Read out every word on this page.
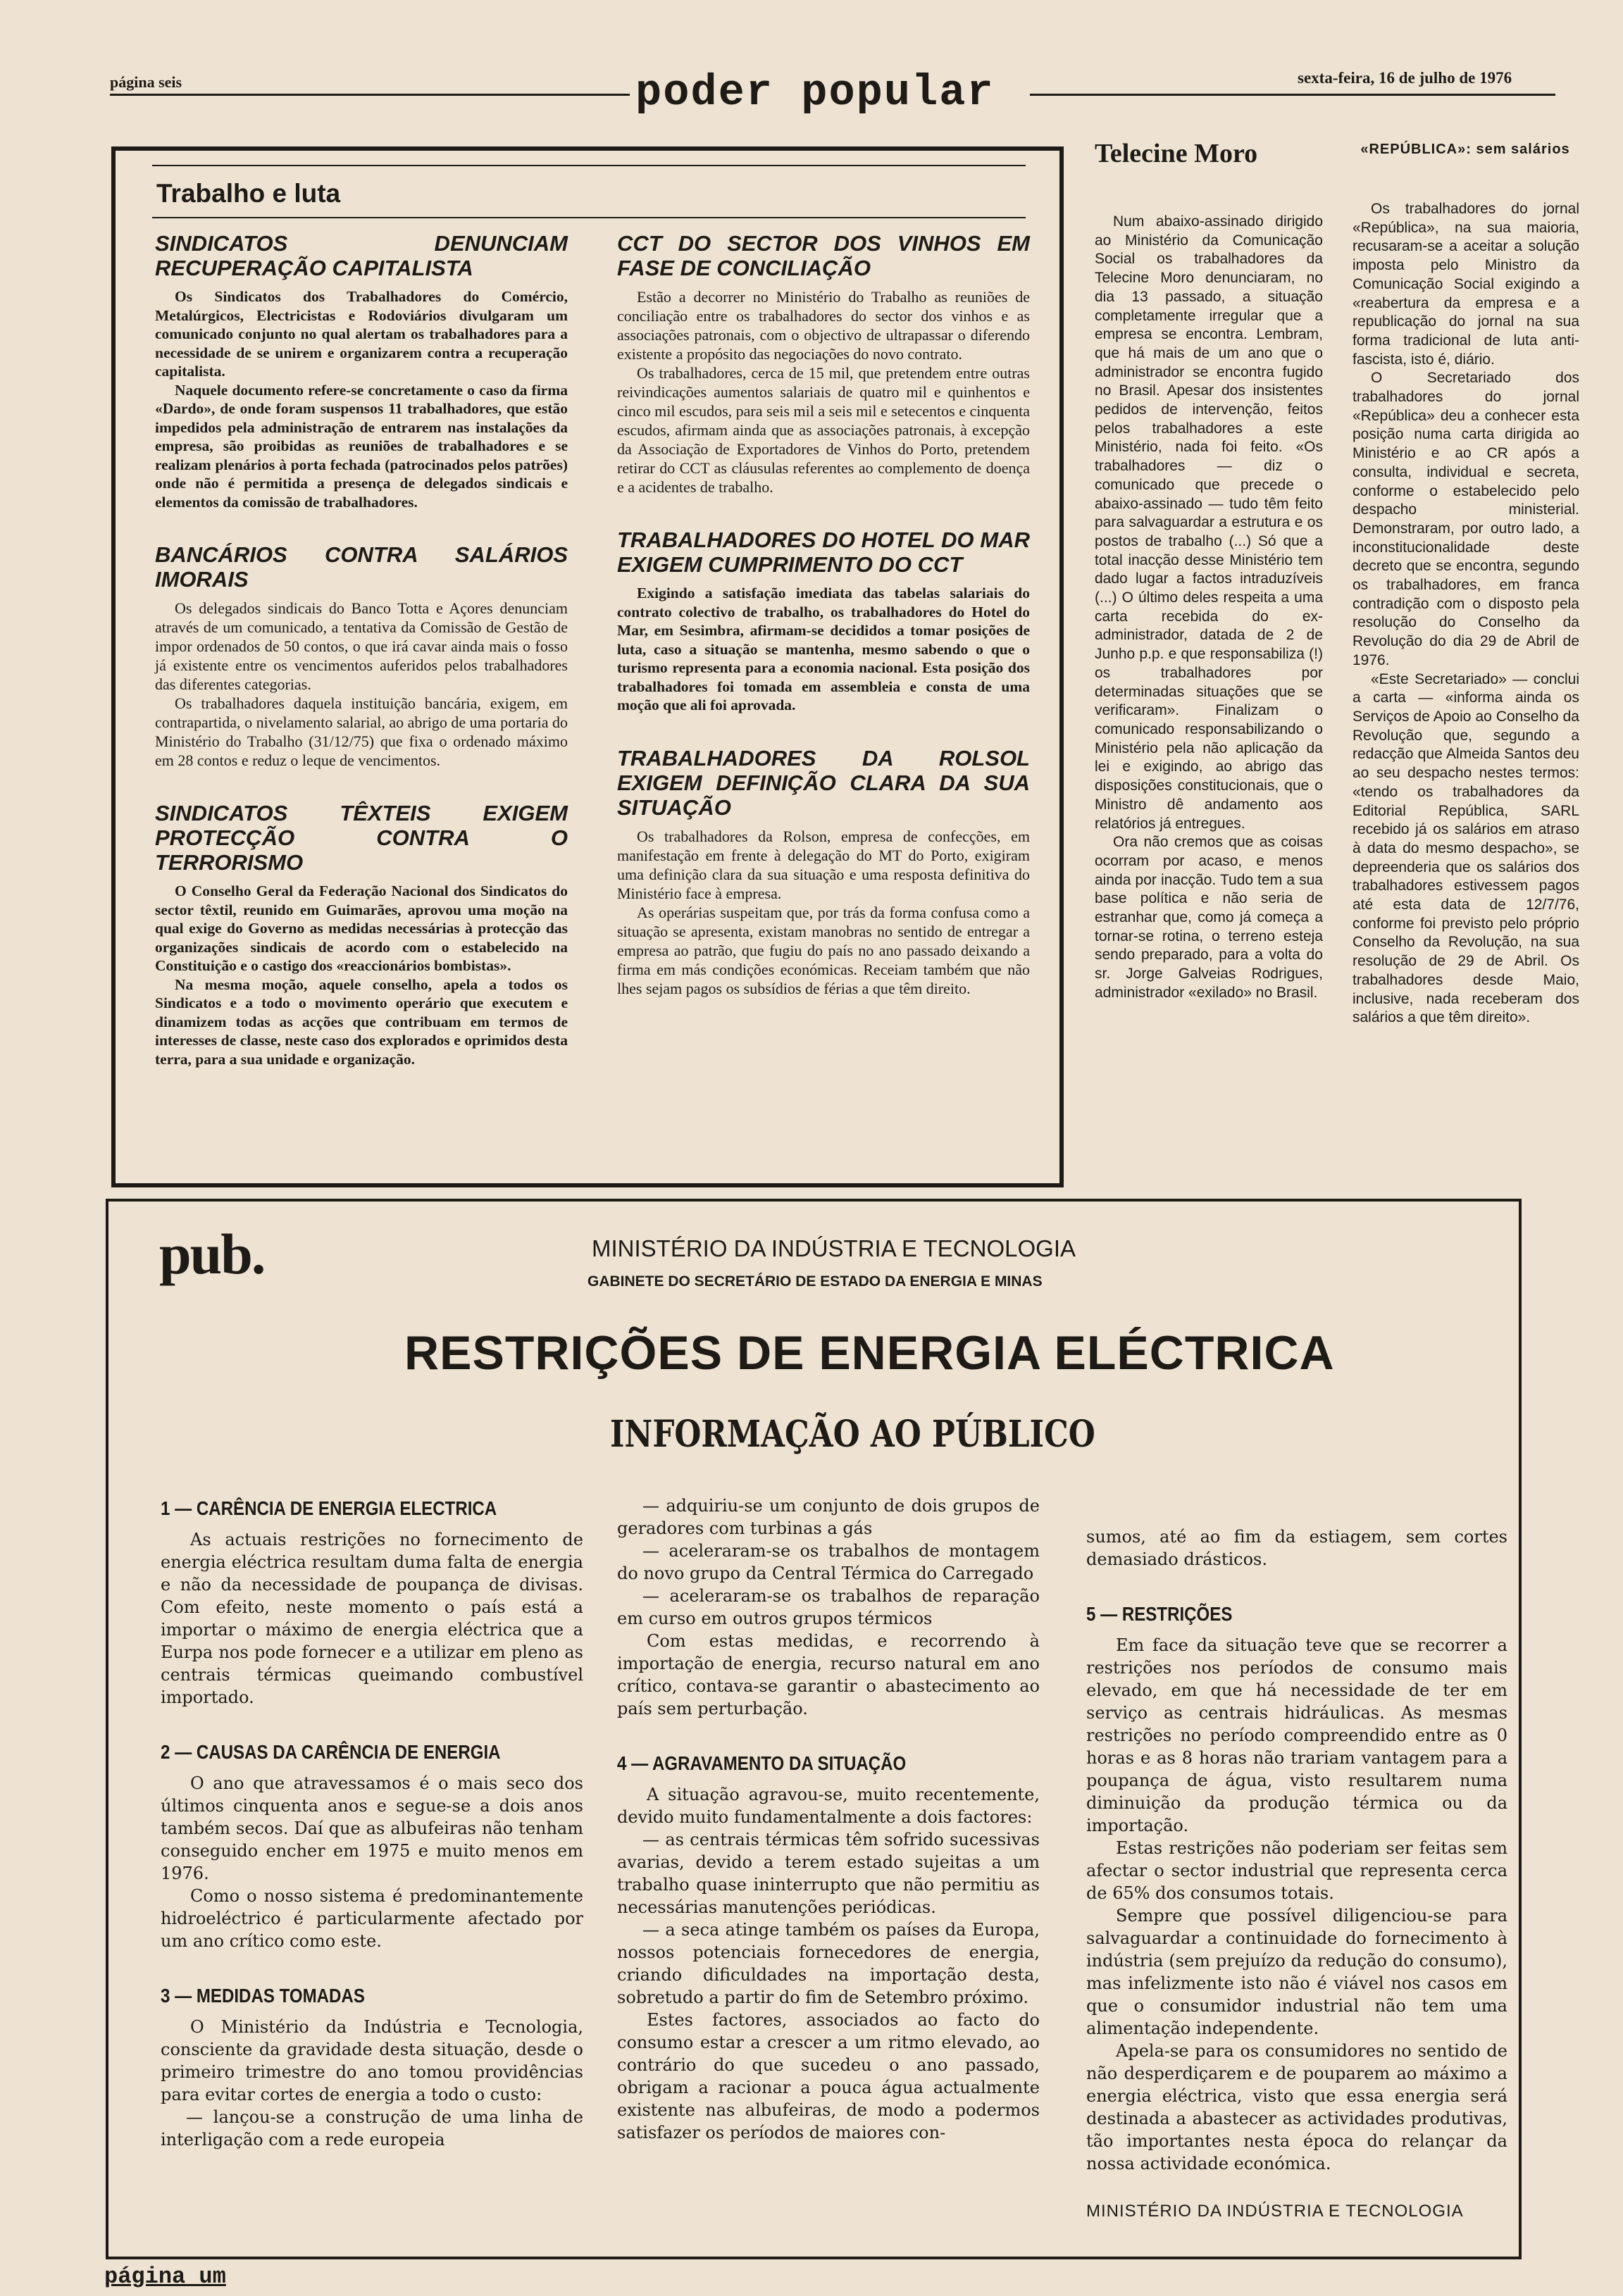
página seis	poder popular	sexta-feira, 16 de julho de 1976
Trabalho e luta
SINDICATOS DENUNCIAM RECUPERAÇÃO CAPITALISTA

Os Sindicatos dos Trabalhadores do Comércio, Metalúrgicos, Electricistas e Rodoviários divulgaram um comunicado conjunto no qual alertam os trabalhadores para a necessidade de se unirem e organizarem contra a recuperação capitalista.

Naquele documento refere-se concretamente o caso da firma «Dardo», de onde foram suspensos 11 trabalhadores, que estão impedidos pela administração de entrarem nas instalações da empresa, são proibidas as reuniões de trabalhadores e se realizam plenários à porta fechada (patrocinados pelos patrões) onde não é permitida a presença de delegados sindicais e elementos da comissão de trabalhadores.

BANCÁRIOS CONTRA SALÁRIOS IMORAIS

Os delegados sindicais do Banco Totta e Açores denunciam através de um comunicado, a tentativa da Comissão de Gestão de impor ordenados de 50 contos, o que irá cavar ainda mais o fosso já existente entre os vencimentos auferidos pelos trabalhadores das diferentes categorias.

Os trabalhadores daquela instituição bancária, exigem, em contrapartida, o nivelamento salarial, ao abrigo de uma portaria do Ministério do Trabalho (31/12/75) que fixa o ordenado máximo em 28 contos e reduz o leque de vencimentos.

SINDICATOS TÊXTEIS EXIGEM PROTECÇÃO CONTRA O TERRORISMO

O Conselho Geral da Federação Nacional dos Sindicatos do sector têxtil, reunido em Guimarães, aprovou uma moção na qual exige do Governo as medidas necessárias à protecção das organizações sindicais de acordo com o estabelecido na Constituição e o castigo dos «reaccionários bombistas».

Na mesma moção, aquele conselho, apela a todos os Sindicatos e a todo o movimento operário que executem e dinamizem todas as acções que contribuam em termos de interesses de classe, neste caso dos explorados e oprimidos desta terra, para a sua unidade e organização.

CCT DO SECTOR DOS VINHOS EM FASE DE CONCILIAÇÃO

Estão a decorrer no Ministério do Trabalho as reuniões de conciliação entre os trabalhadores do sector dos vinhos e as associações patronais, com o objectivo de ultrapassar o diferendo existente a propósito das negociações do novo contrato.

Os trabalhadores, cerca de 15 mil, que pretendem entre outras reivindicações aumentos salariais de quatro mil e quinhentos e cinco mil escudos, para seis mil a seis mil e setecentos e cinquenta escudos, afirmam ainda que as associações patronais, à excepção da Associação de Exportadores de Vinhos do Porto, pretendem retirar do CCT as cláusulas referentes ao complemento de doença e a acidentes de trabalho.

TRABALHADORES DO HOTEL DO MAR EXIGEM CUMPRIMENTO DO CCT

Exigindo a satisfação imediata das tabelas salariais do contrato colectivo de trabalho, os trabalhadores do Hotel do Mar, em Sesimbra, afirmam-se decididos a tomar posições de luta, caso a situação se mantenha, mesmo sabendo o que o turismo representa para a economia nacional. Esta posição dos trabalhadores foi tomada em assembleia e consta de uma moção que ali foi aprovada.

TRABALHADORES DA ROLSOL EXIGEM DEFINIÇÃO CLARA DA SUA SITUAÇÃO

Os trabalhadores da Rolson, empresa de confecções, em manifestação em frente à delegação do MT do Porto, exigiram uma definição clara da sua situação e uma resposta definitiva do Ministério face à empresa.

As operárias suspeitam que, por trás da forma confusa como a situação se apresenta, existam manobras no sentido de entregar a empresa ao patrão, que fugiu do país no ano passado deixando a firma em más condições económicas. Receiam também que não lhes sejam pagos os subsídios de férias a que têm direito.

Telecine Moro

Num abaixo-assinado dirigido ao Ministério da Comunicação Social os trabalhadores da Telecine Moro denunciaram, no dia 13 passado, a situação completamente irregular que a empresa se encontra. Lembram, que há mais de um ano que o administrador se encontra fugido no Brasil. Apesar dos insistentes pedidos de intervenção, feitos pelos trabalhadores a este Ministério, nada foi feito. «Os trabalhadores — diz o comunicado que precede o abaixo-assinado — tudo têm feito para salvaguardar a estrutura e os postos de trabalho (...) Só que a total inacção desse Ministério tem dado lugar a factos intraduzíveis (...) O último deles respeita a uma carta recebida do ex-administrador, datada de 2 de Junho p.p. e que responsabiliza (!) os trabalhadores por determinadas situações que se verificaram». Finalizam o comunicado responsabilizando o Ministério pela não aplicação da lei e exigindo, ao abrigo das disposições constitucionais, que o Ministro dê andamento aos relatórios já entregues.

Ora não cremos que as coisas ocorram por acaso, e menos ainda por inacção. Tudo tem a sua base política e não seria de estranhar que, como já começa a tornar-se rotina, o terreno esteja sendo preparado, para a volta do sr. Jorge Galveias Rodrigues, administrador «exilado» no Brasil.

«REPÚBLICA»: sem salários

Os trabalhadores do jornal «República», na sua maioria, recusaram-se a aceitar a solução imposta pelo Ministro da Comunicação Social exigindo a «reabertura da empresa e a republicação do jornal na sua forma tradicional de luta anti-fascista, isto é, diário.

O Secretariado dos trabalhadores do jornal «República» deu a conhecer esta posição numa carta dirigida ao Ministério e ao CR após a consulta, individual e secreta, conforme o estabelecido pelo despacho ministerial. Demonstraram, por outro lado, a inconstitucionalidade deste decreto que se encontra, segundo os trabalhadores, em franca contradição com o disposto pela resolução do Conselho da Revolução do dia 29 de Abril de 1976.

«Este Secretariado» — conclui a carta — «informa ainda os Serviços de Apoio ao Conselho da Revolução que, segundo a redacção que Almeida Santos deu ao seu despacho nestes termos: «tendo os trabalhadores da Editorial República, SARL recebido já os salários em atraso à data do mesmo despacho», se depreenderia que os salários dos trabalhadores estivessem pagos até esta data de 12/7/76, conforme foi previsto pelo próprio Conselho da Revolução, na sua resolução de 29 de Abril. Os trabalhadores desde Maio, inclusive, nada receberam dos salários a que têm direito».

pub.	MINISTÉRIO DA INDÚSTRIA E TECNOLOGIA
GABINETE DO SECRETÁRIO DE ESTADO DA ENERGIA E MINAS
RESTRIÇÕES DE ENERGIA ELÉCTRICA
INFORMAÇÃO AO PÚBLICO
1 — CARÊNCIA DE ENERGIA ELECTRICA

As actuais restrições no fornecimento de energia eléctrica resultam duma falta de energia e não da necessidade de poupança de divisas. Com efeito, neste momento o país está a importar o máximo de energia eléctrica que a Eurpa nos pode fornecer e a utilizar em pleno as centrais térmicas queimando combustível importado.

2 — CAUSAS DA CARÊNCIA DE ENERGIA

O ano que atravessamos é o mais seco dos últimos cinquenta anos e segue-se a dois anos também secos. Daí que as albufeiras não tenham conseguido encher em 1975 e muito menos em 1976.

Como o nosso sistema é predominantemente hidroeléctrico é particularmente afectado por um ano crítico como este.

3 — MEDIDAS TOMADAS

O Ministério da Indústria e Tecnologia, consciente da gravidade desta situação, desde o primeiro trimestre do ano tomou providências para evitar cortes de energia a todo o custo:

— lançou-se a construção de uma linha de interligação com a rede europeia

— adquiriu-se um conjunto de dois grupos de geradores com turbinas a gás

— aceleraram-se os trabalhos de montagem do novo grupo da Central Térmica do Carregado

— aceleraram-se os trabalhos de reparação em curso em outros grupos térmicos

Com estas medidas, e recorrendo à importação de energia, recurso natural em ano crítico, contava-se garantir o abastecimento ao país sem perturbação.

4 — AGRAVAMENTO DA SITUAÇÃO

A situação agravou-se, muito recentemente, devido muito fundamentalmente a dois factores:

— as centrais térmicas têm sofrido sucessivas avarias, devido a terem estado sujeitas a um trabalho quase ininterrupto que não permitiu as necessárias manutenções periódicas.

— a seca atinge também os países da Europa, nossos potenciais fornecedores de energia, criando dificuldades na importação desta, sobretudo a partir do fim de Setembro próximo.

Estes factores, associados ao facto do consumo estar a crescer a um ritmo elevado, ao contrário do que sucedeu o ano passado, obrigam a racionar a pouca água actualmente existente nas albufeiras, de modo a podermos satisfazer os períodos de maiores con-

sumos, até ao fim da estiagem, sem cortes demasiado drásticos.

5 — RESTRIÇÕES

Em face da situação teve que se recorrer a restrições nos períodos de consumo mais elevado, em que há necessidade de ter em serviço as centrais hidráulicas. As mesmas restrições no período compreendido entre as 0 horas e as 8 horas não trariam vantagem para a poupança de água, visto resultarem numa diminuição da produção térmica ou da importação.

Estas restrições não poderiam ser feitas sem afectar o sector industrial que representa cerca de 65% dos consumos totais.

Sempre que possível diligenciou-se para salvaguardar a continuidade do fornecimento à indústria (sem prejuízo da redução do consumo), mas infelizmente isto não é viável nos casos em que o consumidor industrial não tem uma alimentação independente.

Apela-se para os consumidores no sentido de não desperdiçarem e de pouparem ao máximo a energia eléctrica, visto que essa energia será destinada a abastecer as actividades produtivas, tão importantes nesta época do relançar da nossa actividade económica.

MINISTÉRIO DA INDÚSTRIA E TECNOLOGIA

página um
